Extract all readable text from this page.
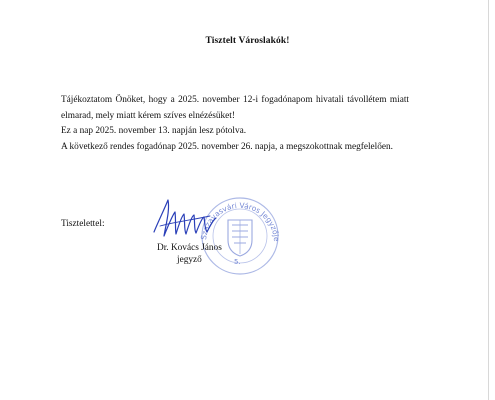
Tisztelt Városlakók!
Tájékoztatom Önöket, hogy a 2025. november 12-i fogadónapom hivatali távollétem miatt elmarad, mely miatt kérem szíves elnézésüket!
Ez a nap 2025. november 13. napján lesz pótolva.
A következő rendes fogadónap 2025. november 26. napja, a megszokottnak megfelelően.
Tisztelettel:
Szazavasvári Város Jegyzője
5.
Dr. Kovács János
jegyző
